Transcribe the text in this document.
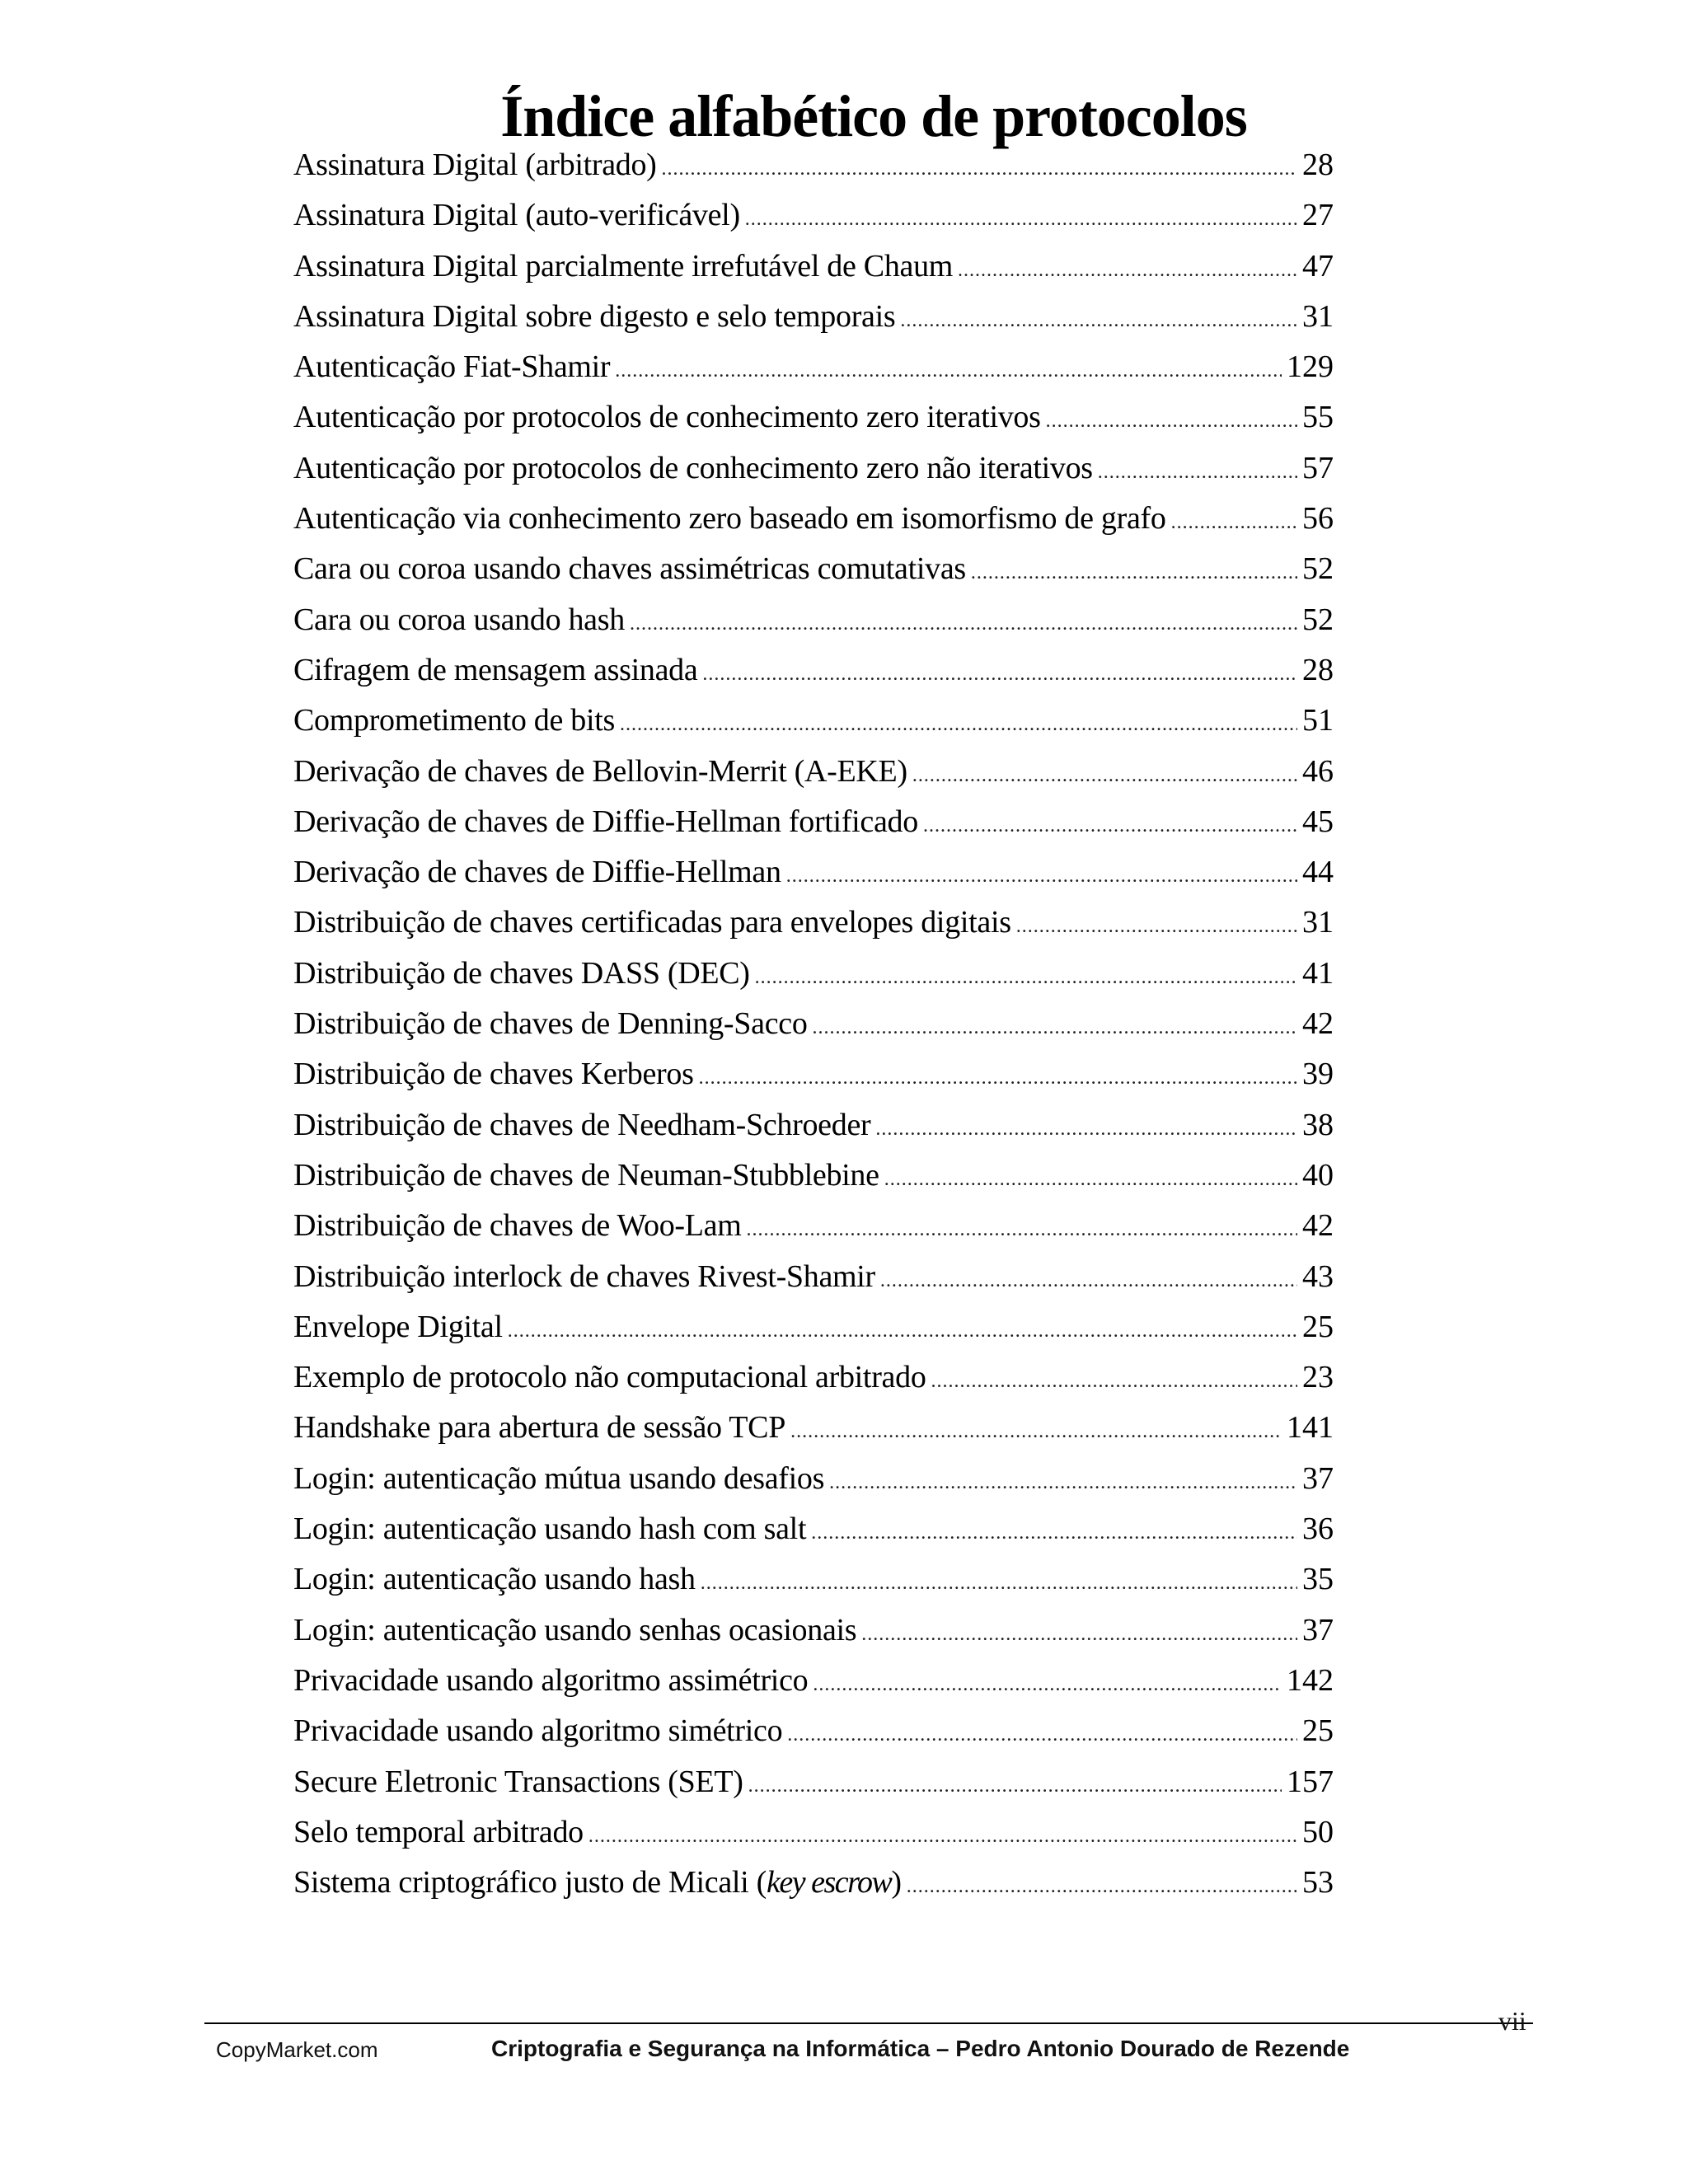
Índice alfabético de protocolos
Assinatura Digital (arbitrado) .....	28
Assinatura Digital (auto-verificável) .....	27
Assinatura Digital parcialmente irrefutável de Chaum .....	47
Assinatura Digital sobre digesto e selo temporais .....	31
Autenticação Fiat-Shamir .....	129
Autenticação por protocolos de conhecimento zero iterativos .....	55
Autenticação por protocolos de conhecimento zero não iterativos .....	57
Autenticação via conhecimento zero baseado em isomorfismo de grafo .....	56
Cara ou coroa usando chaves assimétricas comutativas .....	52
Cara ou coroa usando hash .....	52
Cifragem de mensagem assinada .....	28
Comprometimento de bits .....	51
Derivação de chaves de Bellovin-Merrit (A-EKE) .....	46
Derivação de chaves de Diffie-Hellman fortificado .....	45
Derivação de chaves de Diffie-Hellman .....	44
Distribuição de chaves certificadas para envelopes digitais .....	31
Distribuição de chaves DASS (DEC) .....	41
Distribuição de chaves de Denning-Sacco .....	42
Distribuição de chaves Kerberos .....	39
Distribuição de chaves de Needham-Schroeder .....	38
Distribuição de chaves de Neuman-Stubblebine .....	40
Distribuição de chaves de Woo-Lam .....	42
Distribuição interlock de chaves Rivest-Shamir .....	43
Envelope Digital .....	25
Exemplo de protocolo não computacional arbitrado .....	23
Handshake para abertura de sessão TCP .....	141
Login: autenticação mútua usando desafios .....	37
Login: autenticação usando hash com salt .....	36
Login: autenticação usando hash .....	35
Login: autenticação usando senhas ocasionais .....	37
Privacidade usando algoritmo assimétrico .....	142
Privacidade usando algoritmo simétrico .....	25
Secure Eletronic Transactions (SET) .....	157
Selo temporal arbitrado .....	50
Sistema criptográfico justo de Micali (key escrow) .....	53
CopyMarket.com	Criptografia e Segurança na Informática – Pedro Antonio Dourado de Rezende
vii
